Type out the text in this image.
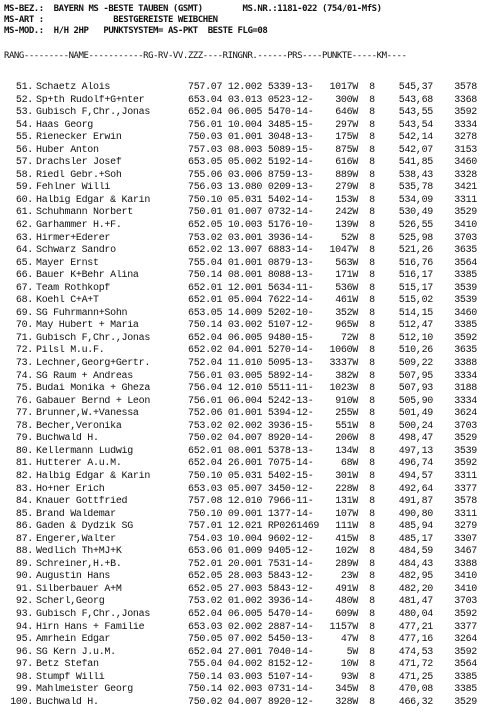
MS-BEZ.:  BAYERN MS -BESTE TAUBEN (GSMT)        MS.NR.:1181-022 (754/01-MfS)
MS-ART :              BESTGEREISTE WEIBCHEN
MS-MOD.:  H/H 2HP   PUNKTSYSTEM= AS-PKT  BESTE FLG=08
RANG---------NAME-----------RG-RV-VV.ZZZ----RINGNR.------PRS----PUNKTE-----KM----
51. Schaetz Alois	757.07 12.002 5339-13-	1017W	8	545,37	3578
52. Sp+th Rudolf+G+nter	653.04 03.013 0523-12-	300W	8	543,68	3368
53. Gubisch F,Chr.,Jonas	652.04 06.005 5470-14-	646W	8	543,55	3592
54. Haas Georg	756.01 10.004 3485-15-	297W	8	543,54	3334
55. Rienecker Erwin	750.03 01.001 3048-13-	175W	8	542,14	3278
56. Huber Anton	757.03 08.003 5089-15-	875W	8	542,07	3153
57. Drachsler Josef	653.05 05.002 5192-14-	616W	8	541,85	3460
58. Riedl Gebr.+Soh	755.06 03.006 8759-13-	889W	8	538,43	3328
59. Fehlner Willi	756.03 13.080 0209-13-	279W	8	535,78	3421
60. Halbig Edgar & Karin	750.10 05.031 5402-14-	153W	8	534,09	3311
61. Schuhmann Norbert	750.01 01.007 0732-14-	242W	8	530,49	3529
62. Garhammer H.+F.	652.05 10.003 5176-10-	139W	8	526,55	3410
63. Hirmer+Ederer	753.02 03.001 3936-14-	52W	8	525,98	3703
64. Schwarz Sandro	652.02 13.007 6883-14-	1047W	8	521,26	3635
65. Mayer Ernst	755.04 01.001 0879-13-	563W	8	516,76	3564
66. Bauer K+Behr Alina	750.14 08.001 8088-13-	171W	8	516,17	3385
67. Team Rothkopf	652.01 12.001 5634-11-	536W	8	515,17	3539
68. Koehl C+A+T	652.01 05.004 7622-14-	461W	8	515,02	3539
69. SG Fuhrmann+Sohn	653.05 14.009 5202-10-	352W	8	514,15	3460
70. May Hubert + Maria	750.14 03.002 5107-12-	965W	8	512,47	3385
71. Gubisch F,Chr.,Jonas	652.04 06.005 9480-15-	72W	8	512,10	3592
72. Pilsl M.u.F.	652.02 04.001 5270-14-	1060W	8	510,26	3635
73. Lechner,Georg+Gertr.	752.04 11.010 5095-13-	3337W	8	509,22	3388
74. SG Raum + Andreas	756.01 03.005 5892-14-	382W	8	507,95	3334
75. Budai Monika + Gheza	756.04 12.010 5511-11-	1023W	8	507,93	3188
76. Gabauer Bernd + Leon	756.01 06.004 5242-13-	910W	8	505,90	3334
77. Brunner,W.+Vanessa	752.06 01.001 5394-12-	255W	8	501,49	3624
78. Becher,Veronika	753.02 02.002 3936-15-	551W	8	500,24	3703
79. Buchwald H.	750.02 04.007 8920-14-	206W	8	498,47	3529
80. Kellermann Ludwig	652.01 08.001 5378-13-	134W	8	497,13	3539
81. Hutterer A.u.M.	652.04 26.001 7075-14-	68W	8	496,74	3592
82. Halbig Edgar & Karin	750.10 05.031 5402-15-	301W	8	494,57	3311
83. Ho+ner Erich	653.03 05.007 3450-12-	228W	8	492,64	3377
84. Knauer Gottfried	757.08 12.010 7966-11-	131W	8	491,87	3578
85. Brand Waldemar	750.10 09.001 1377-14-	107W	8	490,80	3311
86. Gaden & Dydzik SG	757.01 12.021 RP0261469	111W	8	485,94	3279
87. Engerer,Walter	754.03 10.004 9602-12-	415W	8	485,17	3307
88. Wedlich Th+MJ+K	653.06 01.009 9405-12-	102W	8	484,59	3467
89. Schreiner,H.+B.	752.01 20.001 7531-14-	289W	8	484,43	3388
90. Augustin Hans	652.05 28.003 5843-12-	23W	8	482,95	3410
91. Silberbauer A+M	652.05 27.003 5843-12-	491W	8	482,20	3410
92. Scherl,Georg	753.02 01.002 3936-14-	480W	8	481,47	3703
93. Gubisch F,Chr.,Jonas	652.04 06.005 5470-14-	609W	8	480,04	3592
94. Hirn Hans + Familie	653.03 02.002 2887-14-	1157W	8	477,21	3377
95. Amrhein Edgar	750.05 07.002 5450-13-	47W	8	477,16	3264
96. SG Kern J.u.M.	652.04 27.001 7040-14-	5W	8	474,53	3592
97. Betz Stefan	755.04 04.002 8152-12-	10W	8	471,72	3564
98. Stumpf Willi	750.14 03.003 5107-14-	93W	8	471,25	3385
99. Mahlmeister Georg	750.14 02.003 0731-14-	345W	8	470,08	3385
100. Buchwald H.	750.02 04.007 8920-12-	328W	8	466,32	3529
